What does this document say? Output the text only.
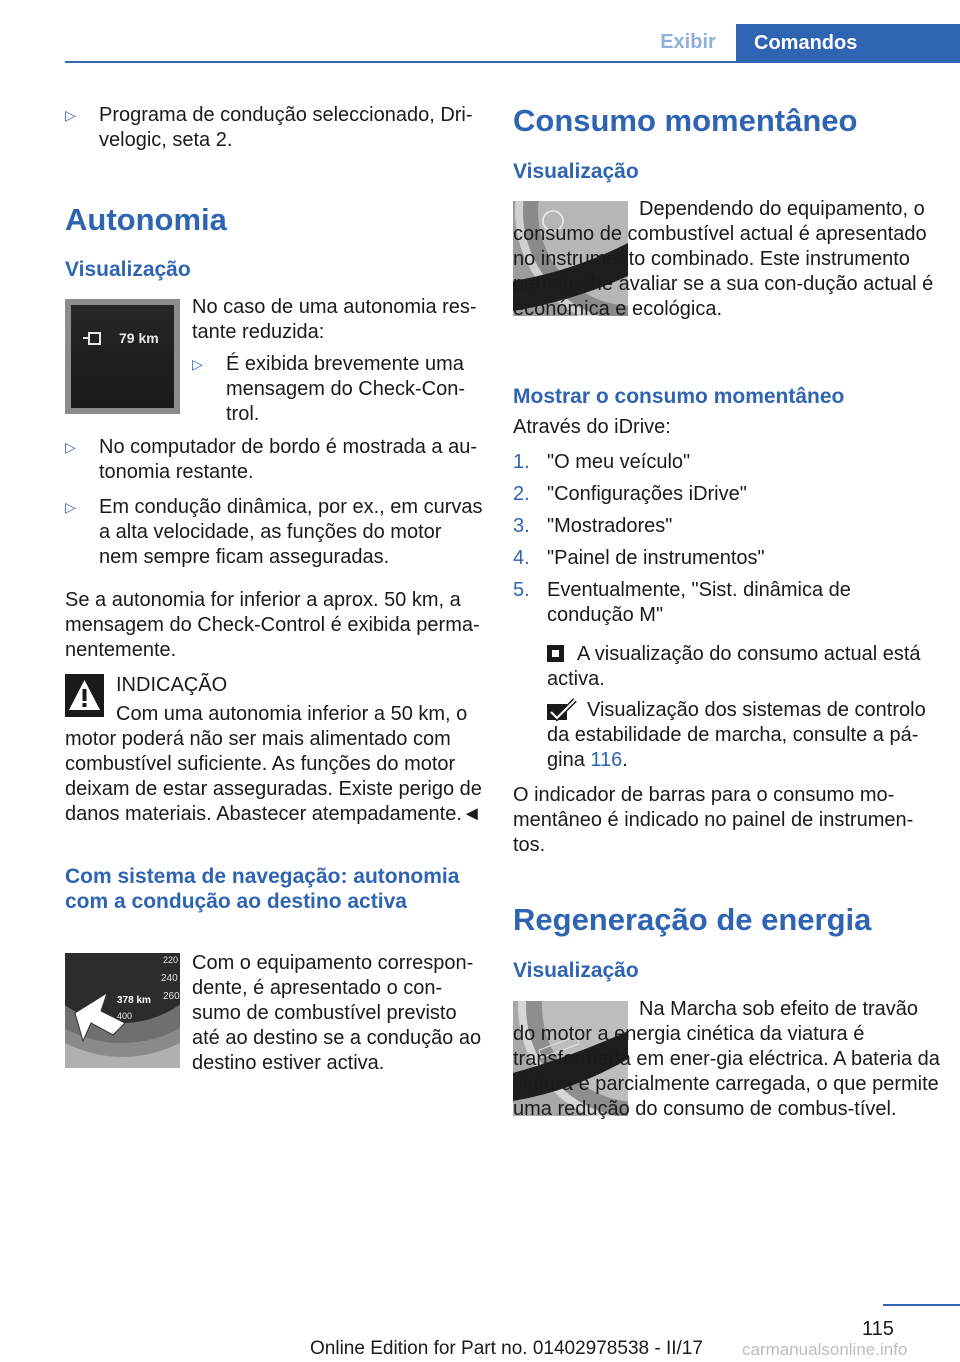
Exibir	Comandos
▷ Programa de condução seleccionado, Dri-velogic, seta 2.
Autonomia
Visualização
79 km

No caso de uma autonomia res-tante reduzida:

▷ É exibida brevemente uma mensagem do Check-Con-trol.
▷ No computador de bordo é mostrada a au-tonomia restante.
▷ Em condução dinâmica, por ex., em curvas a alta velocidade, as funções do motor nem sempre ficam asseguradas.

Se a autonomia for inferior a aprox. 50 km, a mensagem do Check-Control é exibida perma-nentemente.

INDICAÇÃO
Com uma autonomia inferior a 50 km, o motor poderá não ser mais alimentado com combustível suficiente. As funções do motor deixam de estar asseguradas. Existe perigo de danos materiais. Abastecer atempadamente.◄
Com sistema de navegação: autonomia com a condução ao destino activa
220
240
260
378 km
400

Com o equipamento correspon-dente, é apresentado o con-sumo de combustível previsto até ao destino se a condução ao destino estiver activa.

Consumo momentâneo
Visualização

Dependendo do equipamento, o consumo de combustível actual é apresentado no instrumento combinado. Este instrumento permite-lhe avaliar se a sua con-dução actual é económica e ecológica.

Mostrar o consumo momentâneo

Através do iDrive:

1. "O meu veículo"
2. "Configurações iDrive"
3. "Mostradores"
4. "Painel de instrumentos"
5. Eventualmente, "Sist. dinâmica de condução M"
A visualização do consumo actual está activa.
Visualização dos sistemas de controlo da estabilidade de marcha, consulte a pá-gina 116.

O indicador de barras para o consumo mo-mentâneo é indicado no painel de instrumen-tos.

Regeneração de energia
Visualização

Na Marcha sob efeito de travão do motor a energia cinética da viatura é transformada em ener-gia eléctrica. A bateria da viatura é parcialmente carregada, o que permite uma redução do consumo de combus-tível.

115
Online Edition for Part no. 01402978538 - II/17 carmanualsonline.info
